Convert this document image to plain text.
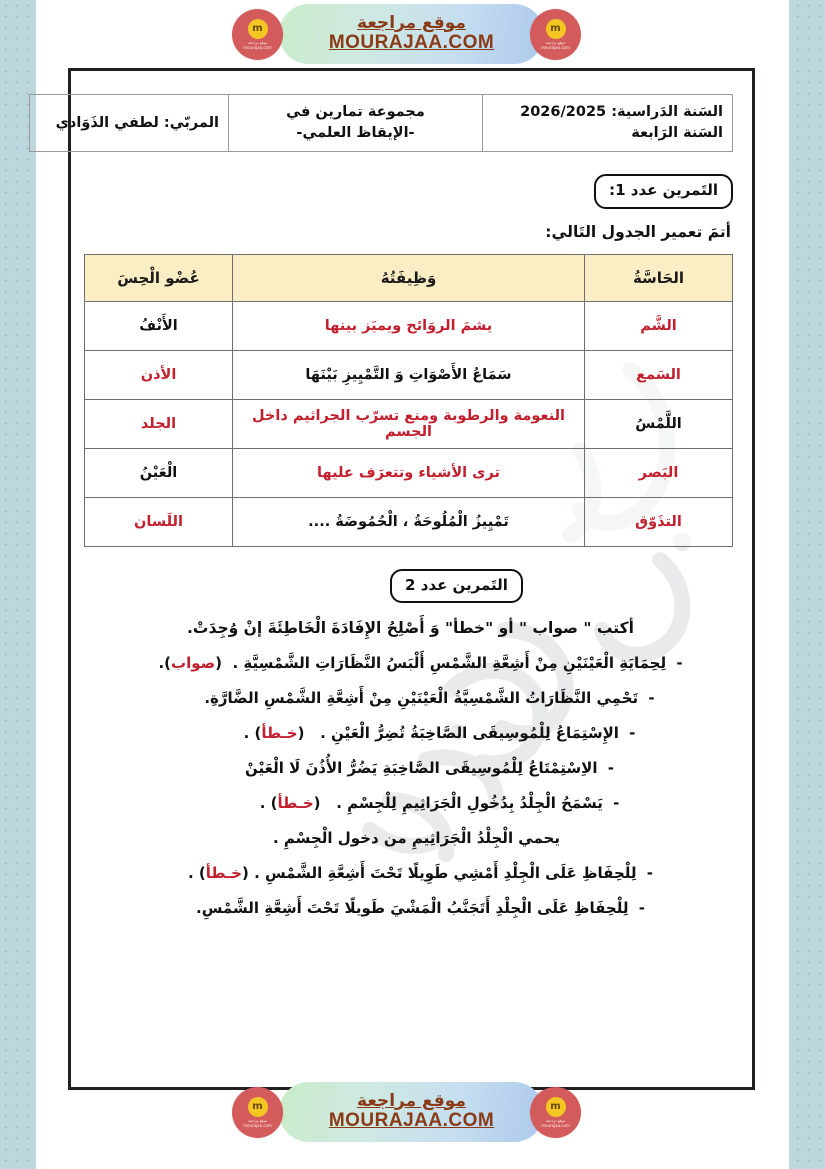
موقع مراجعة
MOURAJAA.COM
m
موقع مراجعة
mourajaa.com
m
موقع مراجعة
mourajaa.com
موقع مراجعة
MOURAJAA.COM
m
موقع مراجعة
mourajaa.com
m
موقع مراجعة
mourajaa.com
السَنة الدَراسية: 2026/2025
السَنة الرَابعة

مجموعة تمارين في
-الإيقاظ العلمي-
	المربّي: لطفي الذَوَادي
التَمرين عدد 1:
أتمَ تعمير الجدول التَالي:
الحَاسَّةُ	وَظِيفَتُهُ	عُضْو الْحِسَ
الشَّم	يشمَ الروَائح ويميَز بينها	الأَنْفُ
السَمع	سَمَاعُ الأَصْوَاتِ وَ التَّمْيِيزِ بَيْنَهَا	الأذن
اللَّمْسُ	النعومة والرطوبة ومنع تسرّب الجراثيم داخل الجسم	الجلد
البَصر	ترى الأشياء وتتعرَف عليها	الْعَيْنُ
التذَوّق	تَمْيِيزُ الْمُلُوحَةُ ، الْحُمُوضَةُ ....	اللَسان
التَمرين عدد 2
أكتب " صواب " أو "خطأ" وَ أَصْلِحُ الإِفَادَةَ الْخَاطِئَةَ إنْ وُجِدَتْ.
- لِحِمَايَةِ الْعَيْنَيْنِ مِنْ أَشِعَّةِ الشَّمْسِ أَلْبَسُ النَّظَارَاتِ الشَّمْسِيَّةِ .  (صواب).
- تَحْمِي النَّظَارَاتُ الشَّمْسِيَّةُ الْعَيْنَيْنِ مِنْ أَشِعَّةِ الشَّمْسِ الضَّارَّةِ.
- الإِسْتِمَاعُ لِلْمُوسِيقَى الصَّاخِبَةُ تُضِرُّ الْعَيْنِ .   (خـطأ) .
- الاِسْتِمْتَاعُ لِلْمُوسِيقَى الصَّاخِبَةِ يَضُرُّ الأُذُنَ لَا الْعَيْنْ
- يَسْمَحُ الْجِلْدُ بِدُخُولِ الْجَرَاثِيمِ لِلْجِسْمِ .   (خـطأ) .
يحمي الْجِلْدُ الْجَرَاثِيمِ من دخول الْجِسْمِ .
- لِلْحِفَاظِ عَلَى الْجِلْدِ أَمْشِي طَوِيلًا تَحْتَ أَشِعَّةِ الشَّمْسِ . (خـطأ) .
- لِلْحِفَاظِ عَلَى الْجِلْدِ أَتَجَنَّبُ الْمَشْيَ طَويلًا تَحْتَ أَشِعَّةِ الشَّمْسِ.
